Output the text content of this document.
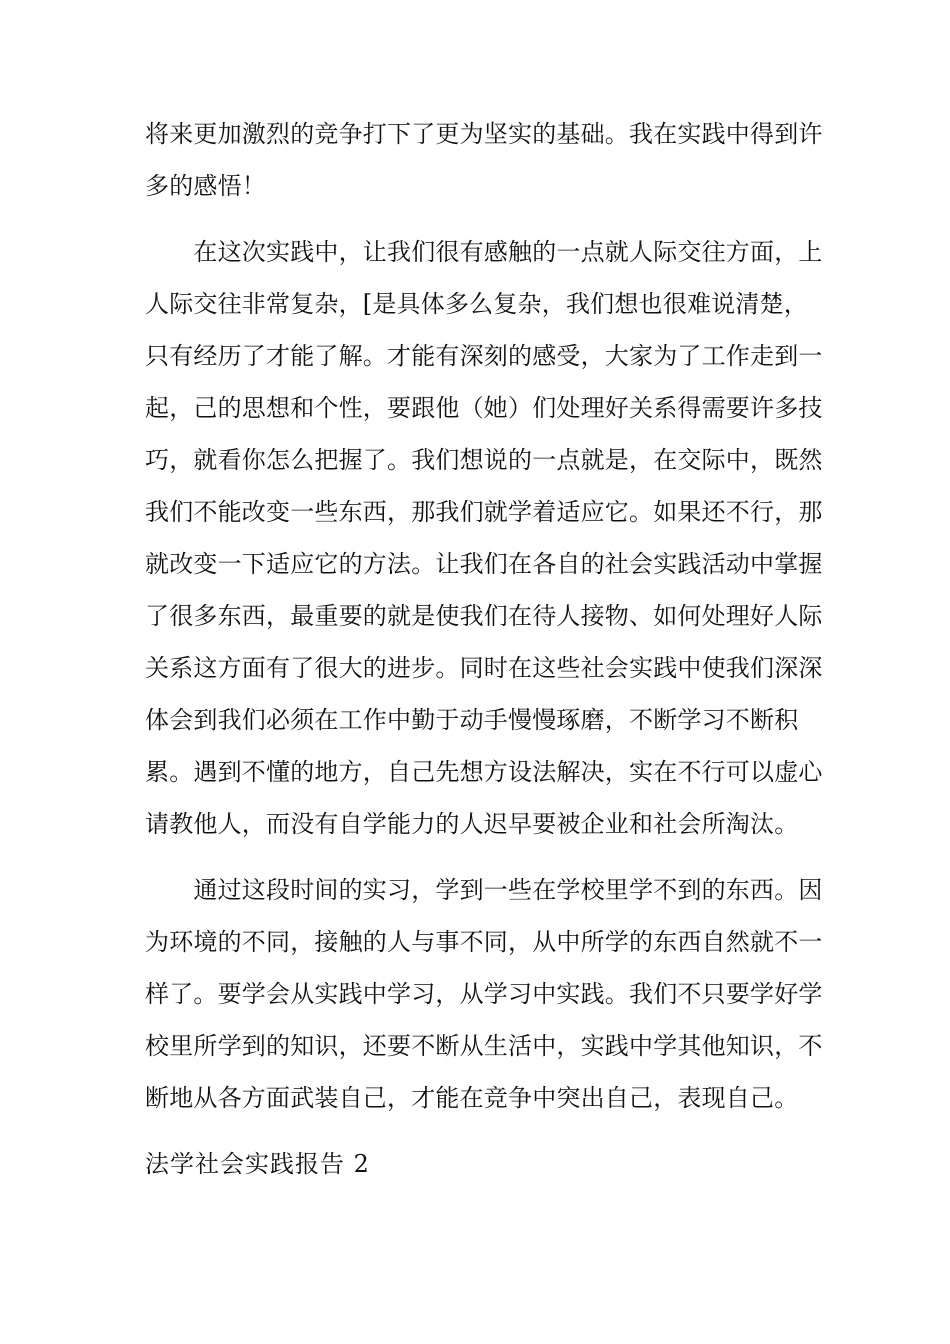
将来更加激烈的竞争打下了更为坚实的基础。我在实践中得到许
多的感悟！
　　在这次实践中，让我们很有感触的一点就人际交往方面，上
人际交往非常复杂，[是具体多么复杂，我们想也很难说清楚，
只有经历了才能了解。才能有深刻的感受，大家为了工作走到一
起，己的思想和个性，要跟他（她）们处理好关系得需要许多技
巧，就看你怎么把握了。我们想说的一点就是，在交际中，既然
我们不能改变一些东西，那我们就学着适应它。如果还不行，那
就改变一下适应它的方法。让我们在各自的社会实践活动中掌握
了很多东西，最重要的就是使我们在待人接物、如何处理好人际
关系这方面有了很大的进步。同时在这些社会实践中使我们深深
体会到我们必须在工作中勤于动手慢慢琢磨，不断学习不断积
累。遇到不懂的地方，自己先想方设法解决，实在不行可以虚心
请教他人，而没有自学能力的人迟早要被企业和社会所淘汰。
　　通过这段时间的实习，学到一些在学校里学不到的东西。因
为环境的不同，接触的人与事不同，从中所学的东西自然就不一
样了。要学会从实践中学习，从学习中实践。我们不只要学好学
校里所学到的知识，还要不断从生活中，实践中学其他知识，不
断地从各方面武装自己，才能在竞争中突出自己，表现自己。
法学社会实践报告 2
